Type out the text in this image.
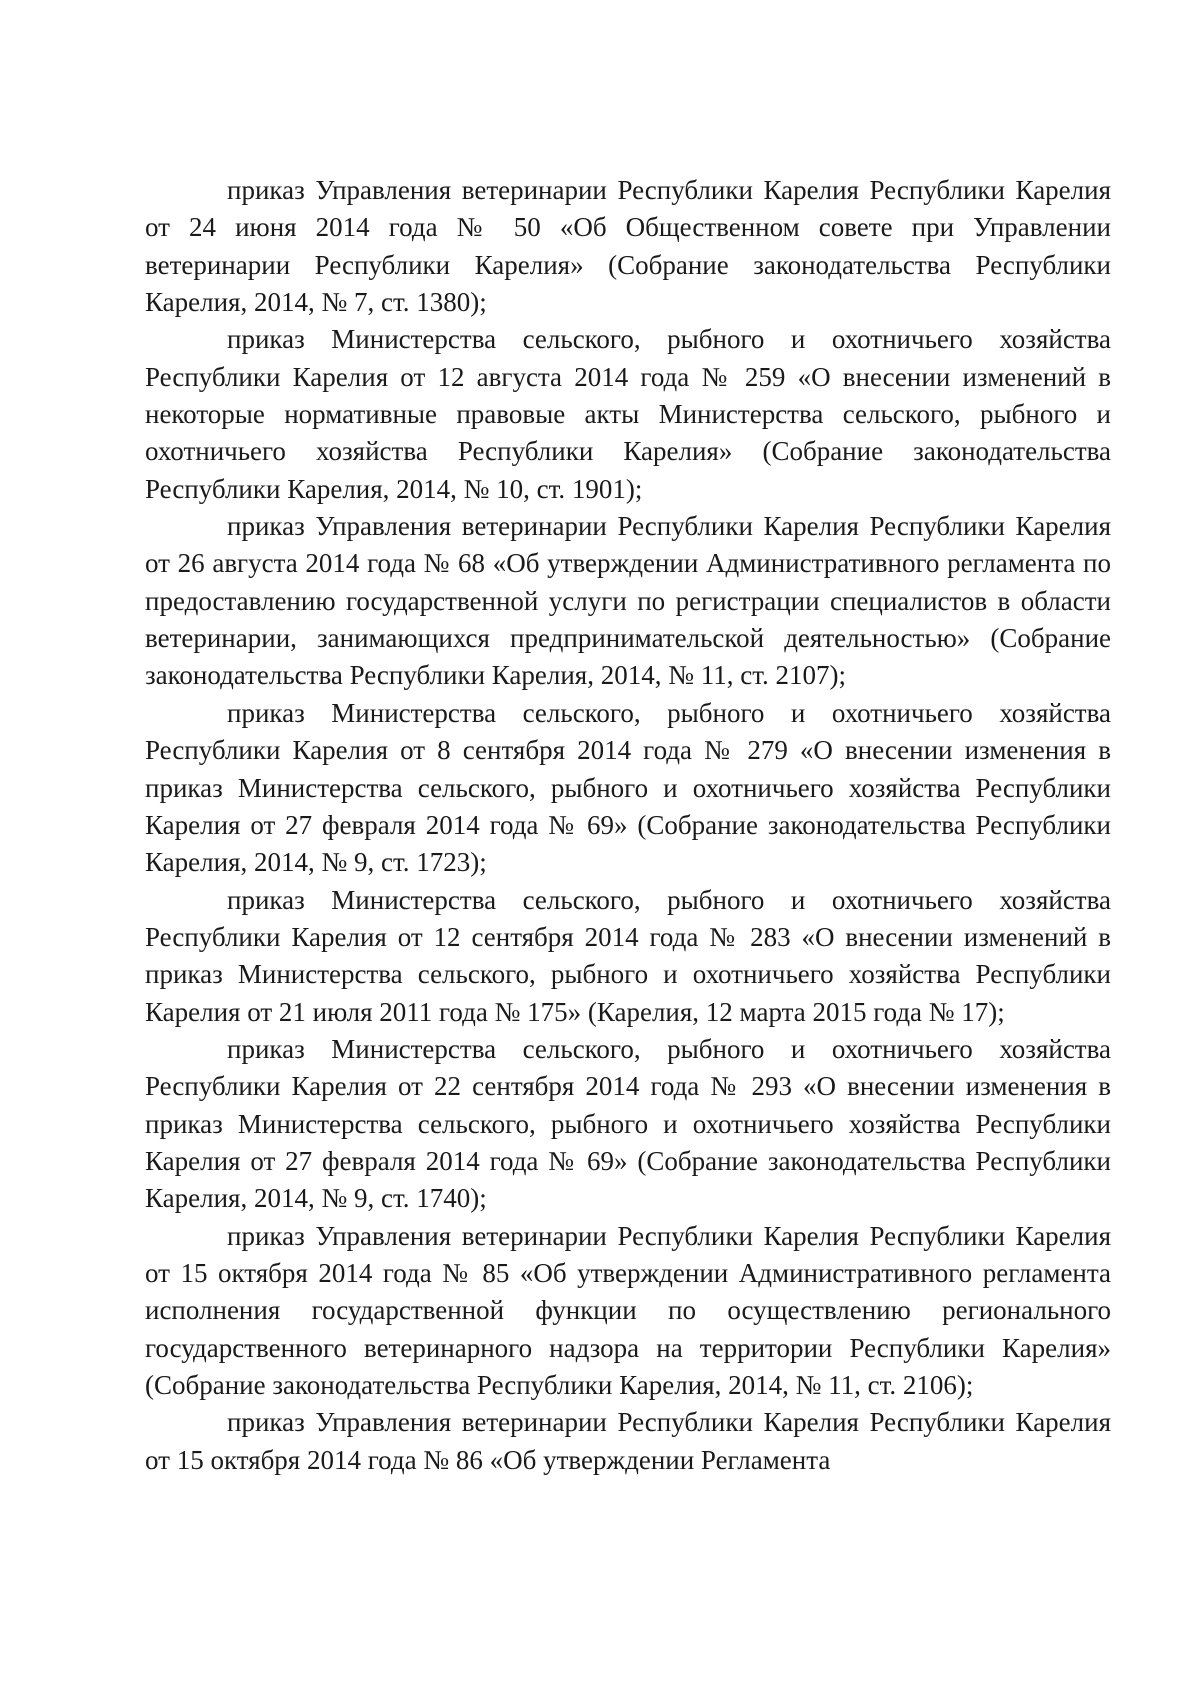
приказ Управления ветеринарии Республики Карелия Республики Карелия от 24 июня 2014 года № 50 «Об Общественном совете при Управлении ветеринарии Республики Карелия» (Собрание законодательства Республики Карелия, 2014, № 7, ст. 1380);

приказ Министерства сельского, рыбного и охотничьего хозяйства Республики Карелия от 12 августа 2014 года № 259 «О внесении изменений в некоторые нормативные правовые акты Министерства сельского, рыбного и охотничьего хозяйства Республики Карелия» (Собрание законодательства Республики Карелия, 2014, № 10, ст. 1901);

приказ Управления ветеринарии Республики Карелия Республики Карелия от 26 августа 2014 года № 68 «Об утверждении Административного регламента по предоставлению государственной услуги по регистрации специалистов в области ветеринарии, занимающихся предпринимательской деятельностью» (Собрание законодательства Республики Карелия, 2014, № 11, ст. 2107);

приказ Министерства сельского, рыбного и охотничьего хозяйства Республики Карелия от 8 сентября 2014 года № 279 «О внесении изменения в приказ Министерства сельского, рыбного и охотничьего хозяйства Республики Карелия от 27 февраля 2014 года № 69» (Собрание законодательства Республики Карелия, 2014, № 9, ст. 1723);

приказ Министерства сельского, рыбного и охотничьего хозяйства Республики Карелия от 12 сентября 2014 года № 283 «О внесении изменений в приказ Министерства сельского, рыбного и охотничьего хозяйства Республики Карелия от 21 июля 2011 года № 175» (Карелия, 12 марта 2015 года № 17);

приказ Министерства сельского, рыбного и охотничьего хозяйства Республики Карелия от 22 сентября 2014 года № 293 «О внесении изменения в приказ Министерства сельского, рыбного и охотничьего хозяйства Республики Карелия от 27 февраля 2014 года № 69» (Собрание законодательства Республики Карелия, 2014, № 9, ст. 1740);

приказ Управления ветеринарии Республики Карелия Республики Карелия от 15 октября 2014 года № 85 «Об утверждении Административного регламента исполнения государственной функции по осуществлению регионального государственного ветеринарного надзора на территории Республики Карелия» (Собрание законодательства Республики Карелия, 2014, № 11, ст. 2106);

приказ Управления ветеринарии Республики Карелия Республики Карелия от 15 октября 2014 года № 86 «Об утверждении Регламента
